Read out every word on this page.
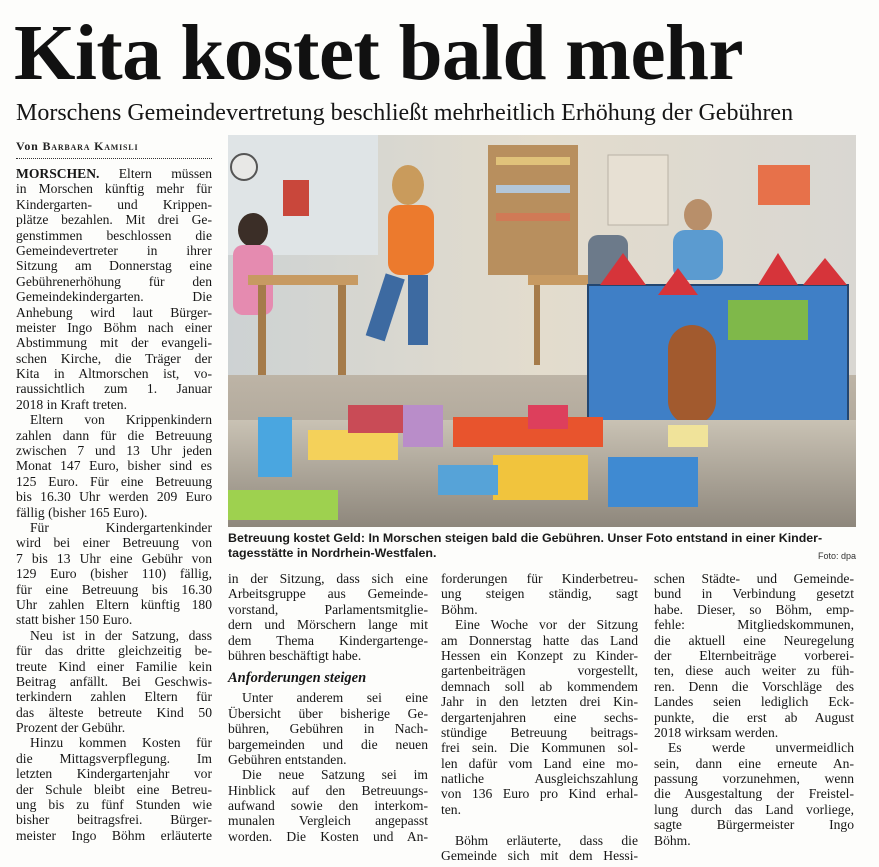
Kita kostet bald mehr
Morschens Gemeindevertretung beschließt mehrheitlich Erhöhung der Gebühren
Von Barbara Kamisli
MORSCHEN. Eltern müssen
in Morschen künftig mehr für
Kindergarten- und Krippen-
plätze bezahlen. Mit drei Ge-
genstimmen beschlossen die
Gemeindevertreter in ihrer
Sitzung am Donnerstag eine
Gebührenerhöhung für den
Gemeindekindergarten. Die
Anhebung wird laut Bürger-
meister Ingo Böhm nach einer
Abstimmung mit der evangeli-
schen Kirche, die Träger der
Kita in Altmorschen ist, vo-
raussichtlich zum 1. Januar
2018 in Kraft treten.
Eltern von Krippenkindern
zahlen dann für die Betreuung
zwischen 7 und 13 Uhr jeden
Monat 147 Euro, bisher sind es
125 Euro. Für eine Betreuung
bis 16.30 Uhr werden 209 Euro
fällig (bisher 165 Euro).
Für Kindergartenkinder
wird bei einer Betreuung von
7 bis 13 Uhr eine Gebühr von
129 Euro (bisher 110) fällig,
für eine Betreuung bis 16.30
Uhr zahlen Eltern künftig 180
statt bisher 150 Euro.
Neu ist in der Satzung, dass
für das dritte gleichzeitig be-
treute Kind einer Familie kein
Beitrag anfällt. Bei Geschwis-
terkindern zahlen Eltern für
das älteste betreute Kind 50
Prozent der Gebühr.
Hinzu kommen Kosten für
die Mittagsverpflegung. Im
letzten Kindergartenjahr vor
der Schule bleibt eine Betreu-
ung bis zu fünf Stunden wie
bisher beitragsfrei. Bürger-
meister Ingo Böhm erläuterte
Betreuung kostet Geld: In Morschen steigen bald die Gebühren. Unser Foto entstand in einer Kinder-
tagesstätte in Nordrhein-Westfalen.	Foto: dpa
in der Sitzung, dass sich eine
Arbeitsgruppe aus Gemeinde-
vorstand, Parlamentsmitglie-
dern und Mörschern lange mit
dem Thema Kindergartenge-
bühren beschäftigt habe.
Anforderungen steigen
Unter anderem sei eine
Übersicht über bisherige Ge-
bühren, Gebühren in Nach-
bargemeinden und die neuen
Gebühren entstanden.
Die neue Satzung sei im
Hinblick auf den Betreuungs-
aufwand sowie den interkom-
munalen Vergleich angepasst
worden. Die Kosten und An-
forderungen für Kinderbetreu-
ung steigen ständig, sagt
Böhm.
Eine Woche vor der Sitzung
am Donnerstag hatte das Land
Hessen ein Konzept zu Kinder-
gartenbeiträgen vorgestellt,
demnach soll ab kommendem
Jahr in den letzten drei Kin-
dergartenjahren eine sechs-
stündige Betreuung beitrags-
frei sein. Die Kommunen sol-
len dafür vom Land eine mo-
natliche Ausgleichszahlung
von 136 Euro pro Kind erhal-
ten.
Böhm erläuterte, dass die
Gemeinde sich mit dem Hessi-
schen Städte- und Gemeinde-
bund in Verbindung gesetzt
habe. Dieser, so Böhm, emp-
fehle: Mitgliedskommunen,
die aktuell eine Neuregelung
der Elternbeiträge vorberei-
ten, diese auch weiter zu füh-
ren. Denn die Vorschläge des
Landes seien lediglich Eck-
punkte, die erst ab August
2018 wirksam werden.
Es werde unvermeidlich
sein, dann eine erneute An-
passung vorzunehmen, wenn
die Ausgestaltung der Freistel-
lung durch das Land vorliege,
sagte Bürgermeister Ingo
Böhm.
